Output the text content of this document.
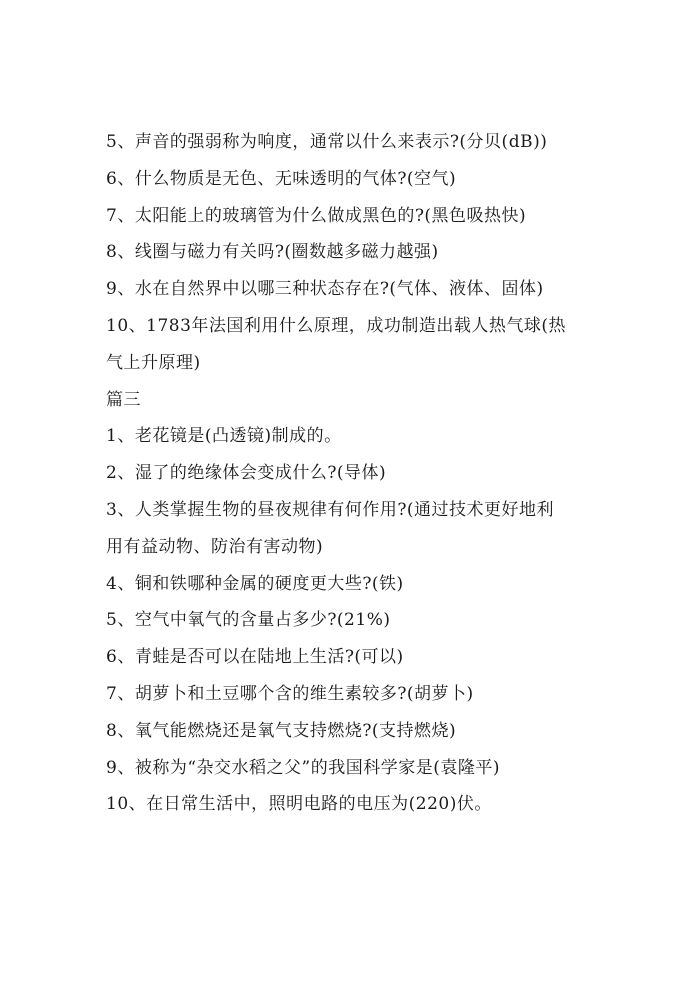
5、声音的强弱称为响度，通常以什么来表示?(分贝(dB))
6、什么物质是无色、无味透明的气体?(空气)
7、太阳能上的玻璃管为什么做成黑色的?(黑色吸热快)
8、线圈与磁力有关吗?(圈数越多磁力越强)
9、水在自然界中以哪三种状态存在?(气体、液体、固体)
10、1783年法国利用什么原理，成功制造出载人热气球(热
气上升原理)
篇三
1、老花镜是(凸透镜)制成的。
2、湿了的绝缘体会变成什么?(导体)
3、人类掌握生物的昼夜规律有何作用?(通过技术更好地利
用有益动物、防治有害动物)
4、铜和铁哪种金属的硬度更大些?(铁)
5、空气中氧气的含量占多少?(21%)
6、青蛙是否可以在陆地上生活?(可以)
7、胡萝卜和土豆哪个含的维生素较多?(胡萝卜)
8、氧气能燃烧还是氧气支持燃烧?(支持燃烧)
9、被称为“杂交水稻之父”的我国科学家是(袁隆平)
10、在日常生活中，照明电路的电压为(220)伏。
